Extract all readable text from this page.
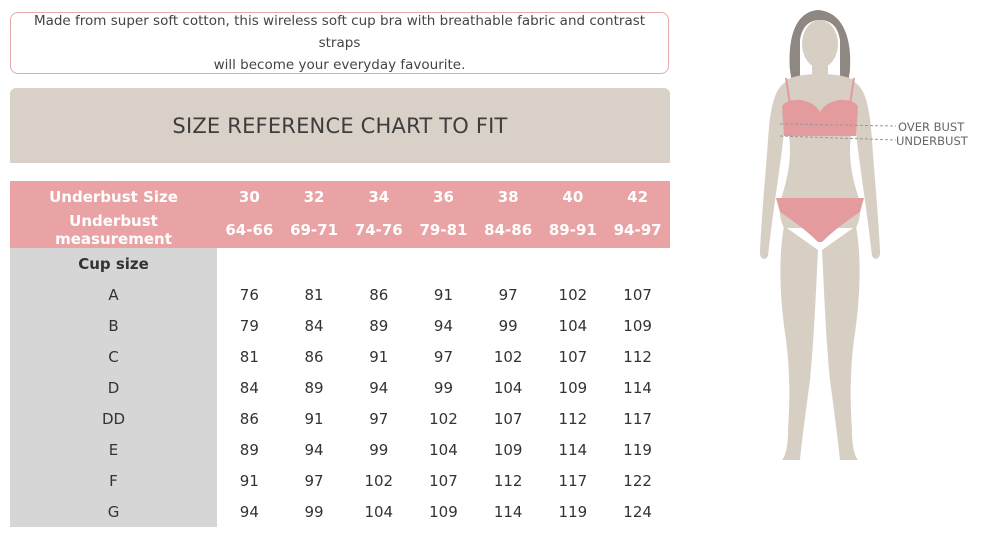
Made from super soft cotton, this wireless soft cup bra with breathable fabric and contrast straps
will become your everyday favourite.
SIZE REFERENCE CHART TO FIT
Underbust Size	30	32	34	36	38	40	42
Underbust measurement	64-66	69-71	74-76	79-81	84-86	89-91	94-97
Cup size							
A	76	81	86	91	97	102	107
B	79	84	89	94	99	104	109
C	81	86	91	97	102	107	112
D	84	89	94	99	104	109	114
DD	86	91	97	102	107	112	117
E	89	94	99	104	109	114	119
F	91	97	102	107	112	117	122
G	94	99	104	109	114	119	124
OVER BUST
UNDERBUST
